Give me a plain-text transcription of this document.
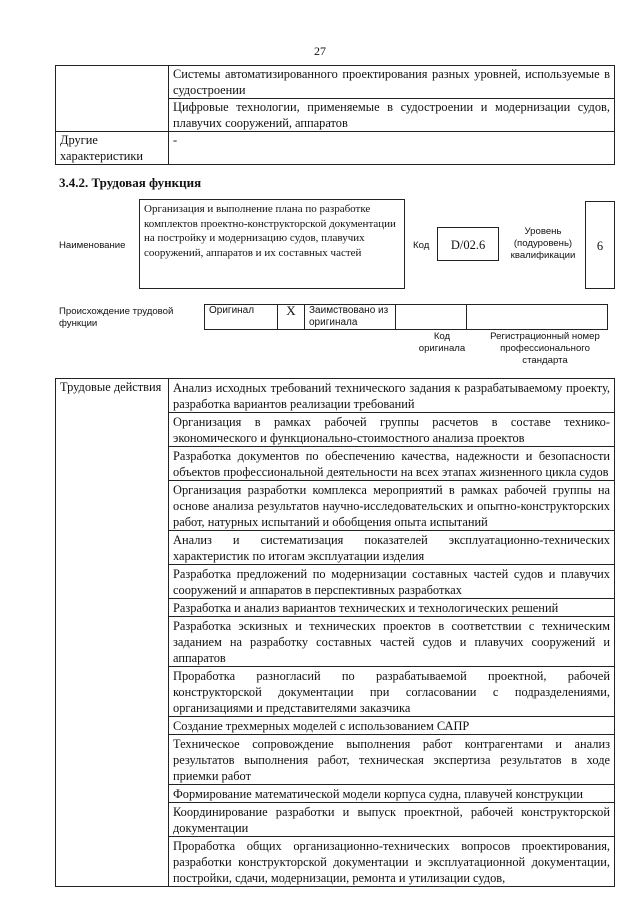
27
	Системы автоматизированного проектирования разных уровней, используемые в судостроении
	Цифровые технологии, применяемые в судостроении и модернизации судов, плавучих сооружений, аппаратов
Другие характеристики	-
3.4.2. Трудовая функция
Наименование
Организация и выполнение плана по разработке комплектов проектно-конструкторской документации на постройку и модернизацию судов, плавучих сооружений, аппаратов и их составных частей
Код	D/02.6
Уровень (подуровень) квалификации
6
Происхождение трудовой функции
Оригинал	X	Заимствовано из оригинала		
Код оригинала
Регистрационный номер профессионального стандарта
Трудовые действия	Анализ исходных требований технического задания к разрабатываемому проекту, разработка вариантов реализации требований
Организация в рамках рабочей группы расчетов в составе технико-экономического и функционально-стоимостного анализа проектов
Разработка документов по обеспечению качества, надежности и безопасности объектов профессиональной деятельности на всех этапах жизненного цикла судов
Организация разработки комплекса мероприятий в рамках рабочей группы на основе анализа результатов научно-исследовательских и опытно-конструкторских работ, натурных испытаний и обобщения опыта испытаний
Анализ и систематизация показателей эксплуатационно-технических характеристик по итогам эксплуатации изделия
Разработка предложений по модернизации составных частей судов и плавучих сооружений и аппаратов в перспективных разработках
Разработка и анализ вариантов технических и технологических решений
Разработка эскизных и технических проектов в соответствии с техническим заданием на разработку составных частей судов и плавучих сооружений и аппаратов
Проработка разногласий по разрабатываемой проектной, рабочей конструкторской документации при согласовании с подразделениями, организациями и представителями заказчика
Создание трехмерных моделей с использованием САПР
Техническое сопровождение выполнения работ контрагентами и анализ результатов выполнения работ, техническая экспертиза результатов в ходе приемки работ
Формирование математической модели корпуса судна, плавучей конструкции
Координирование разработки и выпуск проектной, рабочей конструкторской документации
Проработка общих организационно-технических вопросов проектирования, разработки конструкторской документации и эксплуатационной документации, постройки, сдачи, модернизации, ремонта и утилизации судов,
